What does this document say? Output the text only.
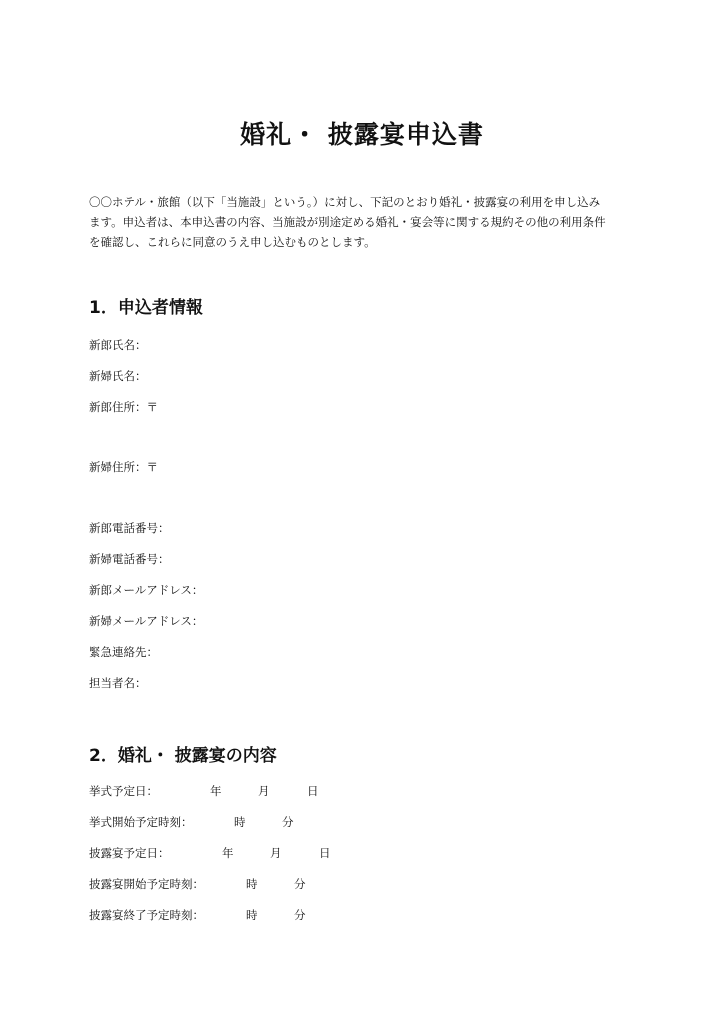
婚礼・ 披露宴申込書
〇〇ホテル・旅館（以下「当施設」という。）に対し、下記のとおり婚礼・披露宴の利用を申し込み
ます。申込者は、本申込書の内容、当施設が別途定める婚礼・宴会等に関する規約その他の利用条件
を確認し、これらに同意のうえ申し込むものとします。
1．申込者情報
新郎氏名：
新婦氏名：
新郎住所：〒
新婦住所：〒
新郎電話番号：
新婦電話番号：
新郎メールアドレス：
新婦メールアドレス：
緊急連絡先：
担当者名：
2．婚礼・ 披露宴の内容
挙式予定日：	年	月	日
挙式開始予定時刻：	時	分
披露宴予定日：	年	月	日
披露宴開始予定時刻：	時	分
披露宴終了予定時刻：	時	分
